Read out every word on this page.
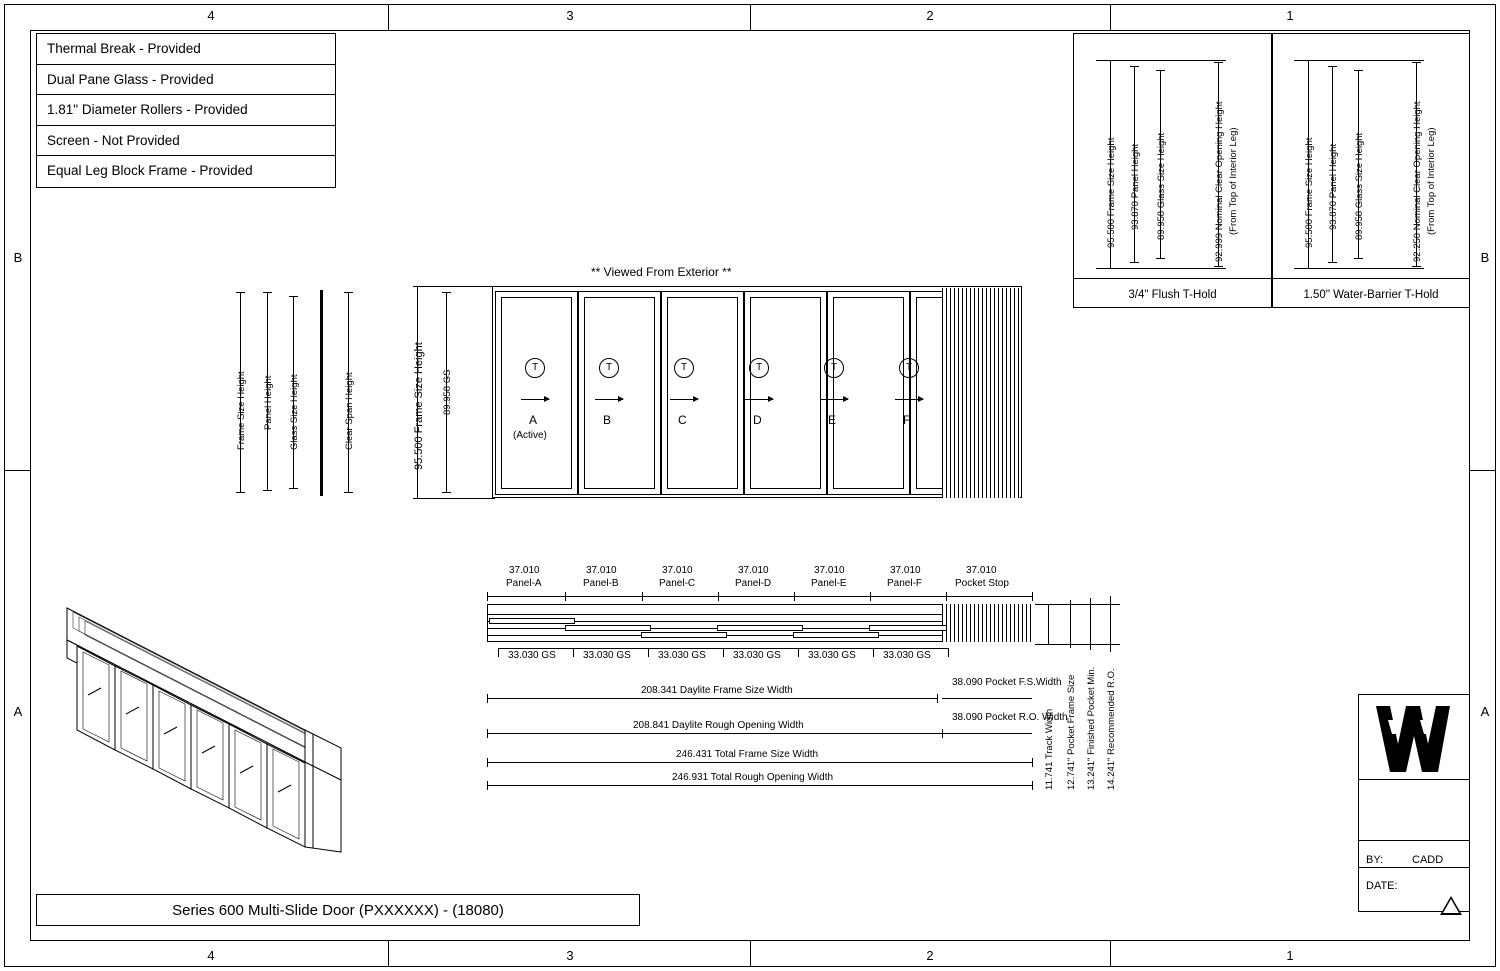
4	3	2	1
4	3	2	1
B
A
B
A
Thermal Break - Provided
Dual Pane Glass - Provided
1.81" Diameter Rollers - Provided
Screen - Not Provided
Equal Leg Block Frame - Provided
Frame Size Height Panel Height Glass Size Height	Clear Span Height
** Viewed From Exterior **
95.500 Frame Size Height 89.958 GS
T
A
(Active)
T
B
T
C
T
D
T
E
T
F
3/4" Flush T-Hold
95.500 Frame Size Height 93.870 Panel Height 89.958 Glass Size Height	92.999 Nominal Clear Opening Height (From Top of Interior Leg)
1.50" Water-Barrier T-Hold
95.500 Frame Size Height 93.870 Panel Height 89.958 Glass Size Height	92.250 Nominal Clear Opening Height (From Top of Interior Leg)
37.010
Panel-A
37.010
Panel-B
37.010
Panel-C
37.010
Panel-D
37.010
Panel-E
37.010
Panel-F
37.010
Pocket Stop
33.030 GS	33.030 GS	33.030 GS	33.030 GS	33.030 GS	33.030 GS
208.341 Daylite Frame Size Width
208.841 Daylite Rough Opening Width
246.431 Total Frame Size Width
246.931 Total Rough Opening Width
38.090 Pocket F.S.Width
38.090 Pocket R.O. Width
11.741 Track Width 12.741" Pocket Frame Size 13.241" Finished Pocket Min. 14.241" Recommended R.O.
BY:	CADD
DATE:
Series 600 Multi-Slide Door (PXXXXXX) - (18080)
